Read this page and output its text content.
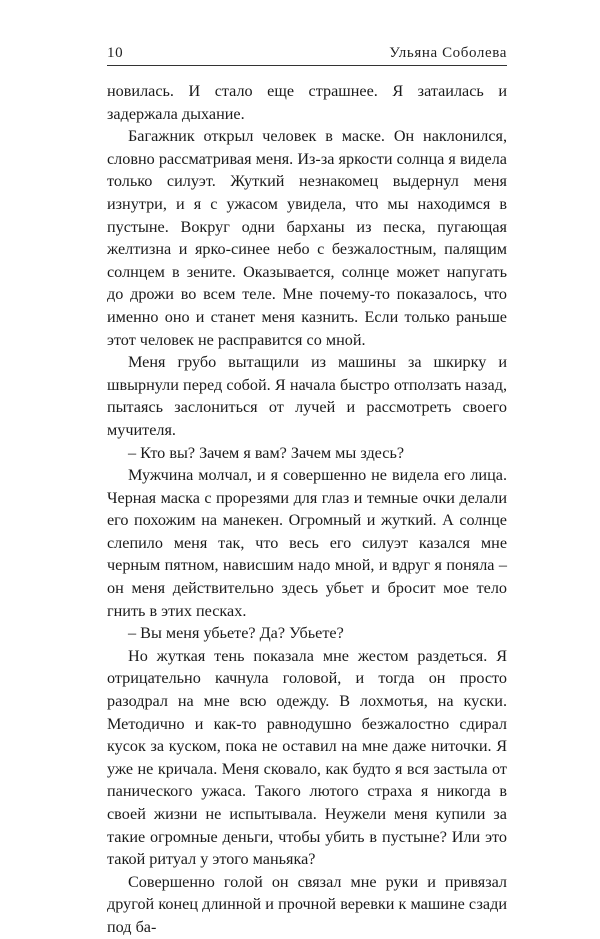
10	Ульяна Соболева

новилась. И стало еще страшнее. Я затаилась и задержала дыхание.

Багажник открыл человек в маске. Он наклонился, словно рассматривая меня. Из-за яркости солнца я видела только силуэт. Жуткий незнакомец выдернул меня изнутри, и я с ужасом увидела, что мы находимся в пустыне. Вокруг одни барханы из песка, пугающая желтизна и ярко-синее небо с безжалостным, палящим солнцем в зените. Оказывается, солнце может напугать до дрожи во всем теле. Мне почему-то показалось, что именно оно и станет меня казнить. Если только раньше этот человек не расправится со мной.

Меня грубо вытащили из машины за шкирку и швырнули перед собой. Я начала быстро отползать назад, пытаясь заслониться от лучей и рассмотреть своего мучителя.

– Кто вы? Зачем я вам? Зачем мы здесь?

Мужчина молчал, и я совершенно не видела его лица. Черная маска с прорезями для глаз и темные очки делали его похожим на манекен. Огромный и жуткий. А солнце слепило меня так, что весь его силуэт казался мне черным пятном, нависшим надо мной, и вдруг я поняла – он меня действительно здесь убьет и бросит мое тело гнить в этих песках.

– Вы меня убьете? Да? Убьете?

Но жуткая тень показала мне жестом раздеться. Я отрицательно качнула головой, и тогда он просто разодрал на мне всю одежду. В лохмотья, на куски. Методично и как-то равнодушно безжалостно сдирал кусок за куском, пока не оставил на мне даже ниточки. Я уже не кричала. Меня сковало, как будто я вся застыла от панического ужаса. Такого лютого страха я никогда в своей жизни не испытывала. Неужели меня купили за такие огромные деньги, чтобы убить в пустыне? Или это такой ритуал у этого маньяка?

Совершенно голой он связал мне руки и привязал другой конец длинной и прочной веревки к машине сзади под ба-
